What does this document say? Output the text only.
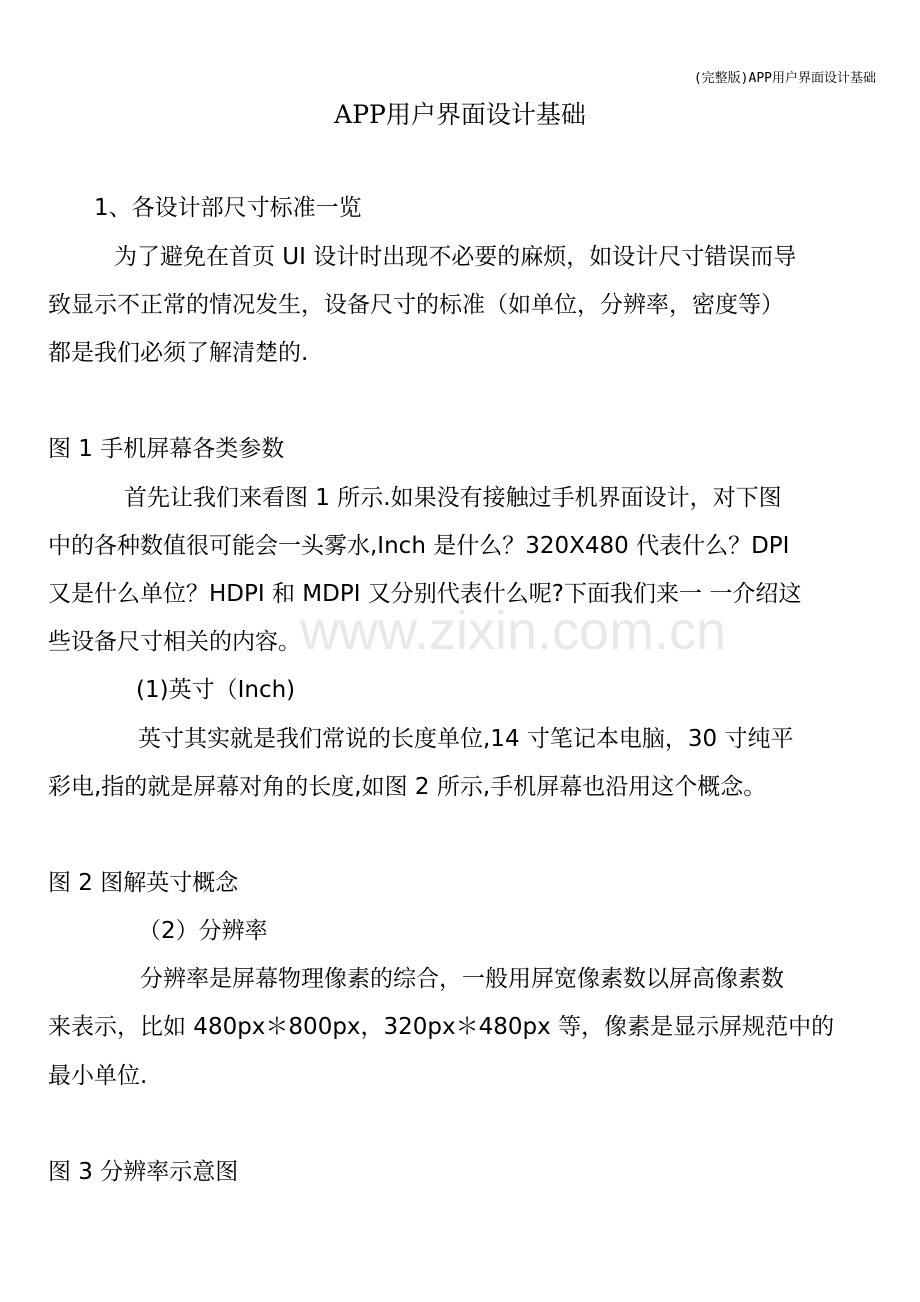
(完整版)APP用户界面设计基础
APP用户界面设计基础
1、各设计部尺寸标准一览
为了避免在首页 UI 设计时出现不必要的麻烦，如设计尺寸错误而导
致显示不正常的情况发生，设备尺寸的标准（如单位，分辨率，密度等）
都是我们必须了解清楚的.
图 1 手机屏幕各类参数
首先让我们来看图 1 所示.如果没有接触过手机界面设计，对下图
中的各种数值很可能会一头雾水,Inch 是什么？320X480 代表什么？DPI
又是什么单位？HDPI 和 MDPI 又分别代表什么呢?下面我们来一 一介绍这
些设备尺寸相关的内容。
(1)英寸（Inch)
英寸其实就是我们常说的长度单位,14 寸笔记本电脑，30 寸纯平
彩电,指的就是屏幕对角的长度,如图 2 所示,手机屏幕也沿用这个概念。
图 2 图解英寸概念
（2）分辨率
分辨率是屏幕物理像素的综合，一般用屏宽像素数以屏高像素数
来表示，比如 480px＊800px，320px＊480px 等，像素是显示屏规范中的
最小单位.
图 3 分辨率示意图
www.zixin.com.cn
